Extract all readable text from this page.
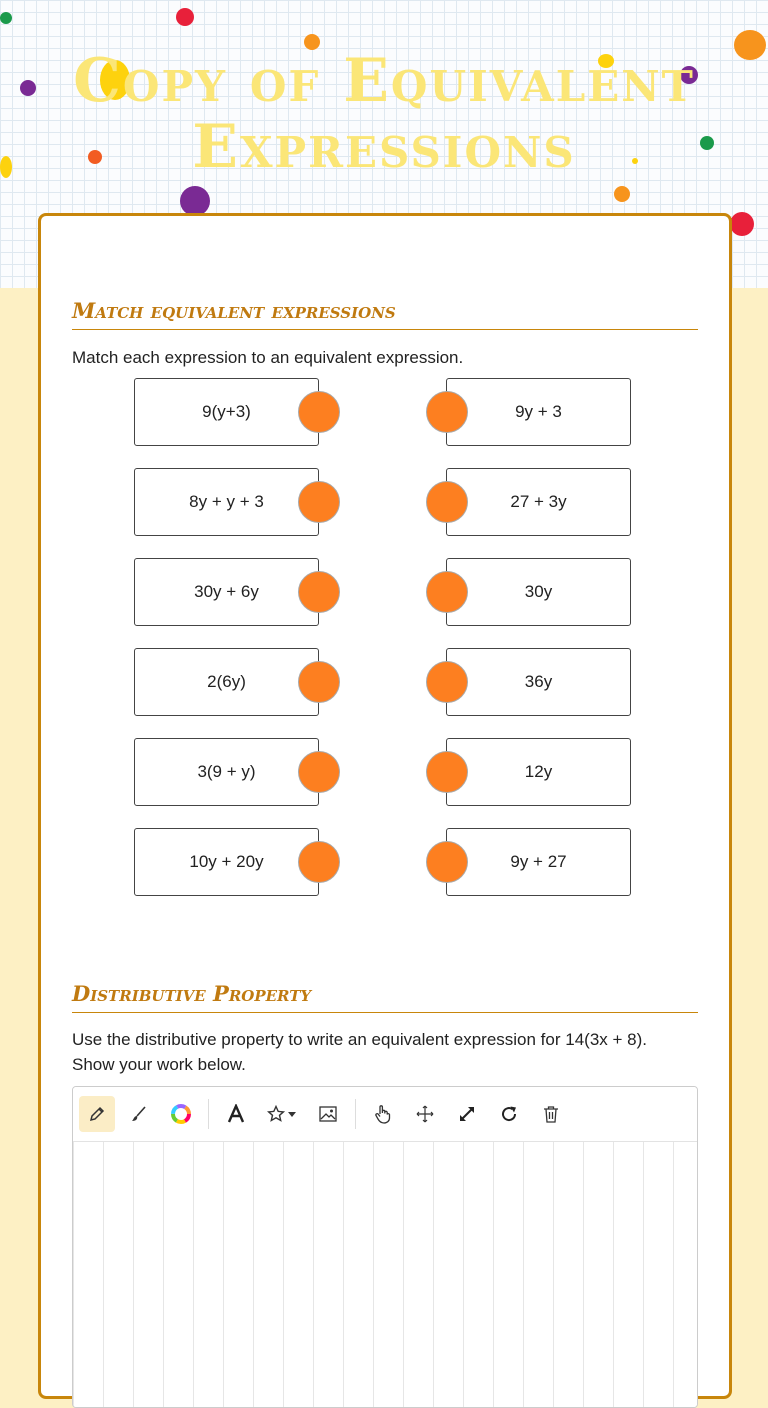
Copy of Equivalent Expressions
Match equivalent expressions
Match each expression to an equivalent expression.
9(y+3)	9y + 3
8y + y + 3	27 + 3y
30y + 6y	30y
2(6y)	36y
3(9 + y)	12y
10y + 20y	9y + 27
Distributive Property
Use the distributive property to write an equivalent expression for 14(3x + 8). Show your work below.
